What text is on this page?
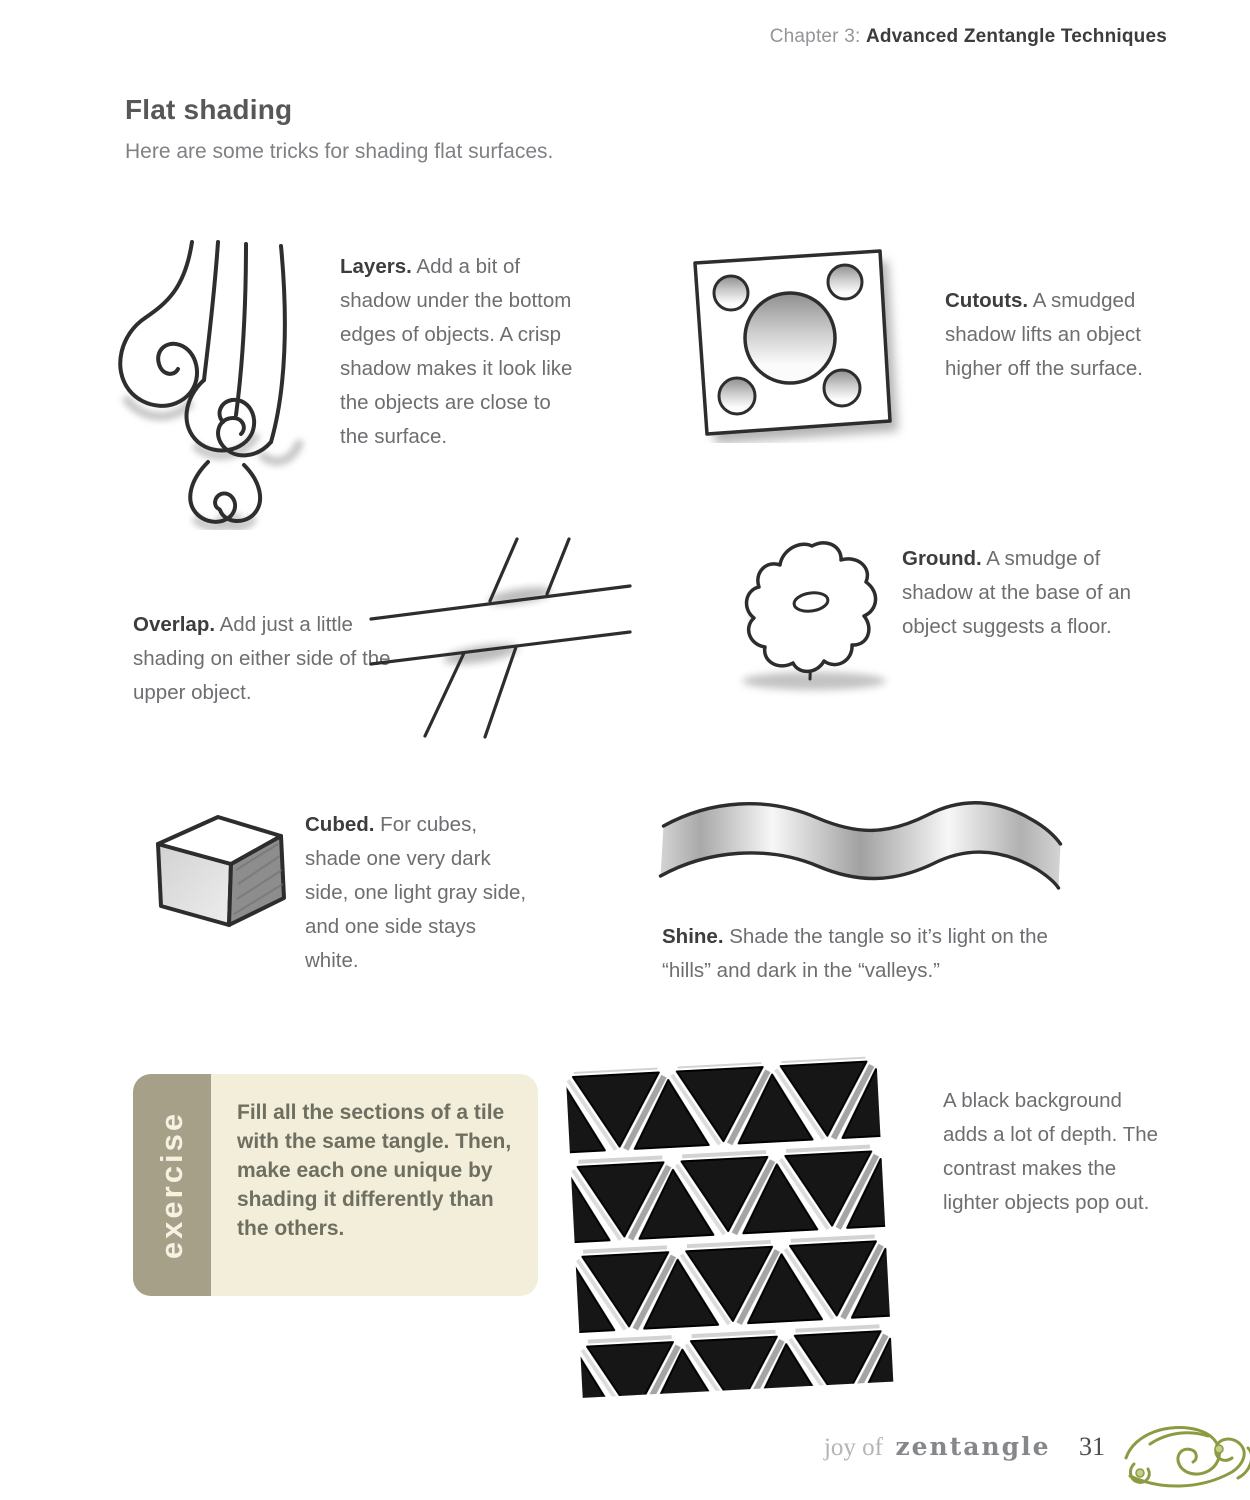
Chapter 3: Advanced Zentangle Techniques
Flat shading
Here are some tricks for shading flat surfaces.

Layers. Add a bit of shadow under the bottom edges of objects. A crisp shadow makes it look like the objects are close to the surface.

Cutouts. A smudged shadow lifts an object higher off the surface.

Overlap. Add just a little shading on either side of the upper object.

Ground. A smudge of shadow at the base of an object suggests a floor.

Cubed. For cubes, shade one very dark side, one light gray side, and one side stays white.

Shine. Shade the tangle so it’s light on the “hills” and dark in the “valleys.”

exercise Fill all the sections of a tile with the same tangle. Then, make each one unique by shading it differently than the others.

A black background adds a lot of depth. The contrast makes the lighter objects pop out.

joy of zentangle 31
